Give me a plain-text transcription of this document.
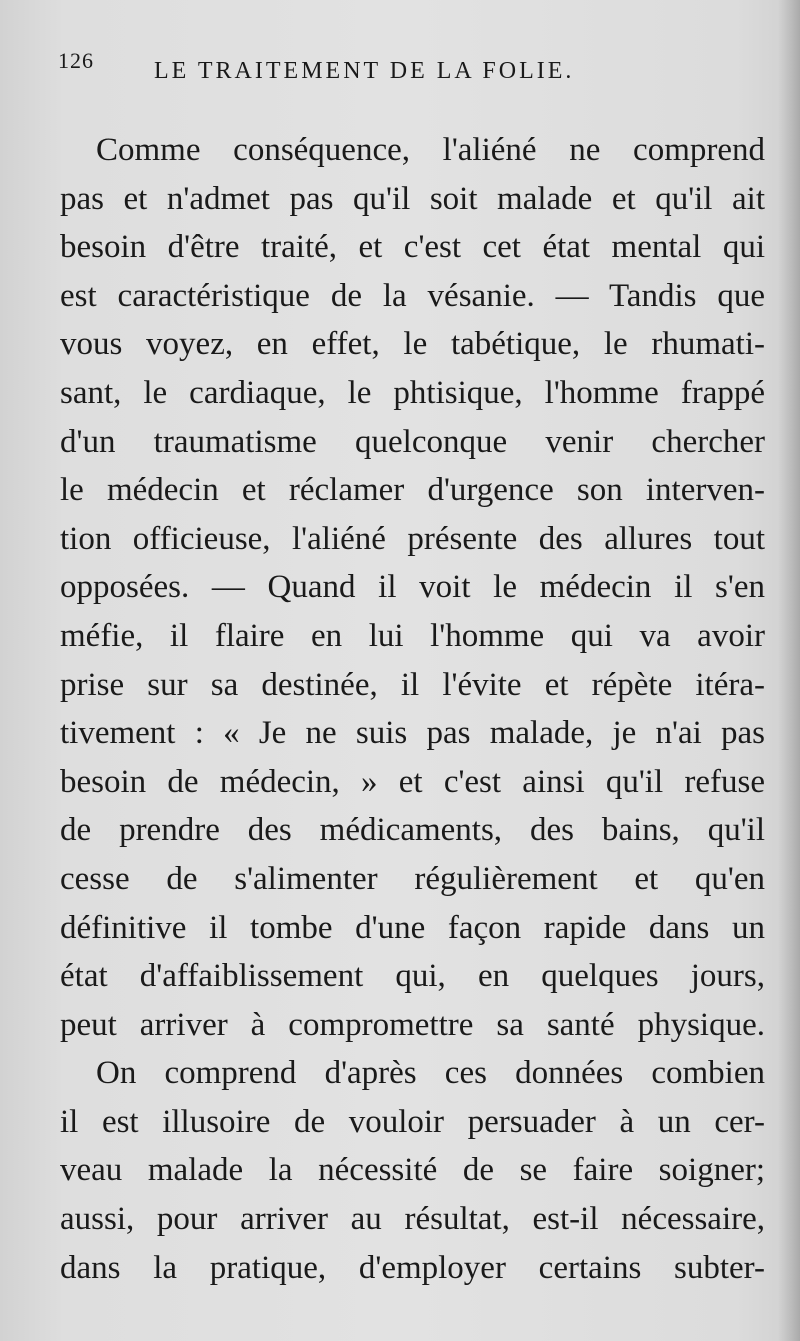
126	LE TRAITEMENT DE LA FOLIE.
Comme conséquence, l'aliéné ne comprend
pas et n'admet pas qu'il soit malade et qu'il ait
besoin d'être traité, et c'est cet état mental qui
est caractéristique de la vésanie. — Tandis que
vous voyez, en effet, le tabétique, le rhumati-
sant, le cardiaque, le phtisique, l'homme frappé
d'un traumatisme quelconque venir chercher
le médecin et réclamer d'urgence son interven-
tion officieuse, l'aliéné présente des allures tout
opposées. — Quand il voit le médecin il s'en
méfie, il flaire en lui l'homme qui va avoir
prise sur sa destinée, il l'évite et répète itéra-
tivement : « Je ne suis pas malade, je n'ai pas
besoin de médecin, » et c'est ainsi qu'il refuse
de prendre des médicaments, des bains, qu'il
cesse de s'alimenter régulièrement et qu'en
définitive il tombe d'une façon rapide dans un
état d'affaiblissement qui, en quelques jours,
peut arriver à compromettre sa santé physique.
On comprend d'après ces données combien
il est illusoire de vouloir persuader à un cer-
veau malade la nécessité de se faire soigner;
aussi, pour arriver au résultat, est-il nécessaire,
dans la pratique, d'employer certains subter-
